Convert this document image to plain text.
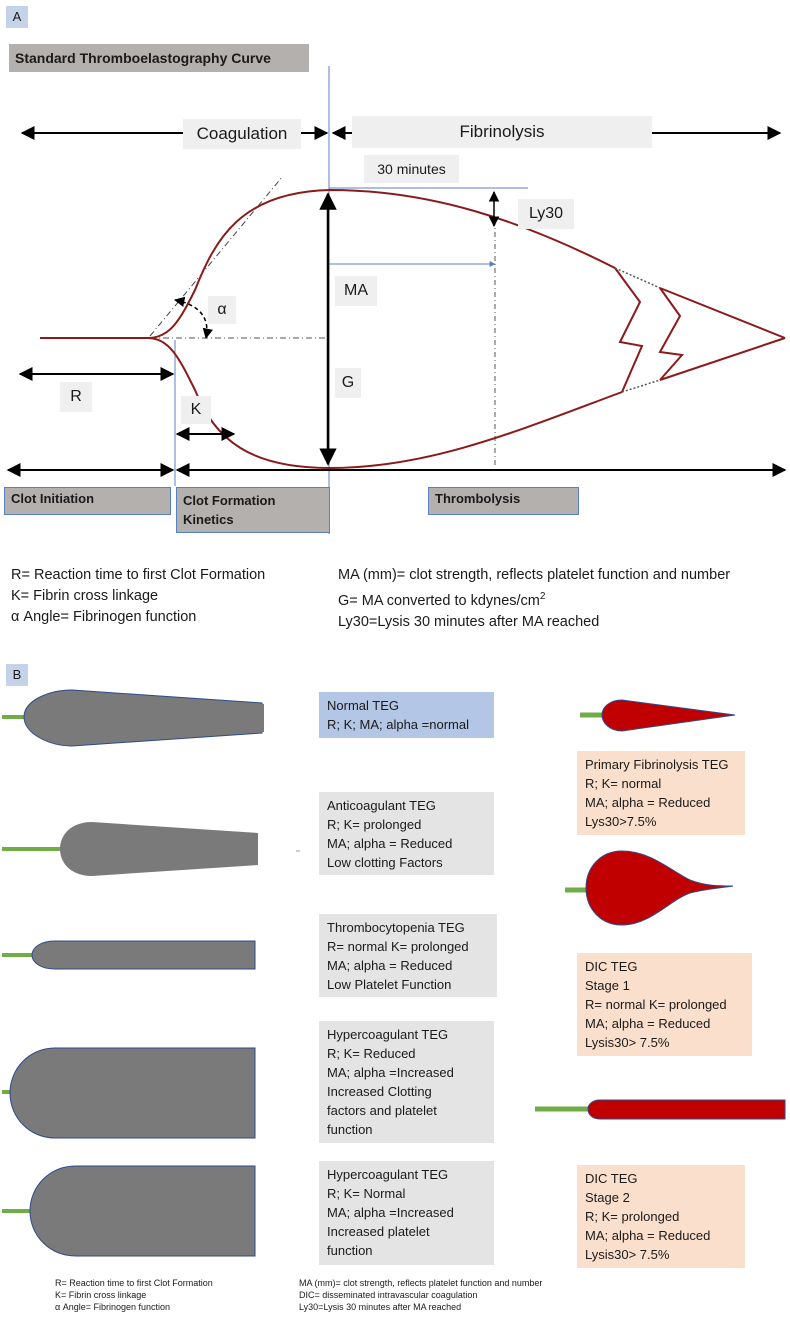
A
Standard Thromboelastography Curve
Coagulation	Fibrinolysis
30 minutes
Ly30
MA
α
R
G
K
Clot Initiation	Clot Formation
Kinetics
Thrombolysis
R= Reaction time to first Clot Formation
K= Fibrin cross linkage
α Angle= Fibrinogen function
MA (mm)= clot strength, reflects platelet function and number
G= MA converted to kdynes/$cm^2$
Ly30=Lysis 30 minutes after MA reached
B
Normal TEG
R; K; MA; alpha =normal
Anticoagulant TEG
R; K= prolonged
MA; alpha = Reduced
Low clotting Factors
Thrombocytopenia TEG
R= normal K= prolonged
MA; alpha = Reduced
Low Platelet Function
Hypercoagulant TEG
R; K= Reduced
MA; alpha =Increased
Increased Clotting
factors and platelet
function
Hypercoagulant TEG
R; K= Normal
MA; alpha =Increased
Increased platelet
function
Primary Fibrinolysis TEG
R; K= normal
MA; alpha = Reduced
Lys30>7.5%
DIC TEG
Stage 1
R= normal K= prolonged
MA; alpha = Reduced
Lysis30> 7.5%
DIC TEG
Stage 2
R; K= prolonged
MA; alpha = Reduced
Lysis30> 7.5%
R= Reaction time to first Clot Formation
K= Fibrin cross linkage
α Angle= Fibrinogen function
MA (mm)= clot strength, reflects platelet function and number
DIC= disseminated intravascular coagulation
Ly30=Lysis 30 minutes after MA reached
